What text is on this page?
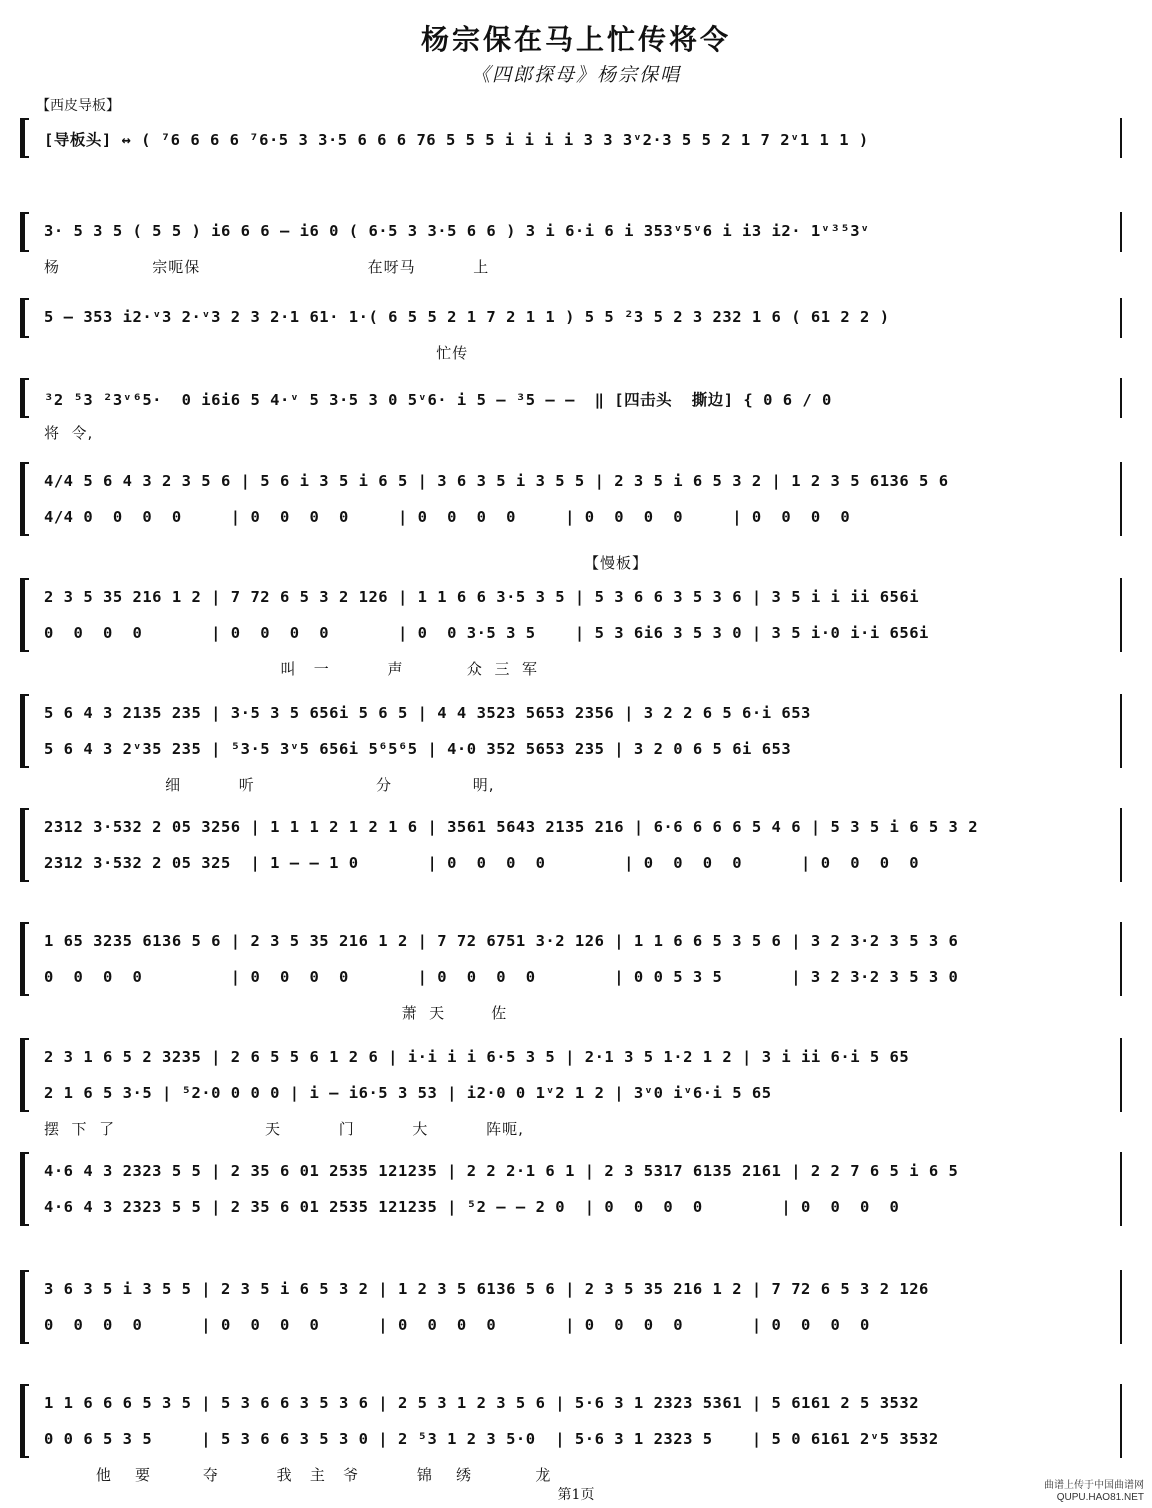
杨宗保在马上忙传将令
《四郎探母》杨宗保唱
【西皮导板】
[导板头] ↔ ( ⁷6 6 6 6 ⁷6·5 3 3·5 6 6 6 76 5 5 5 i i i i 3 3 3ᵛ2·3 5 5 2 1 7 2ᵛ1 1 1 )
3· 5 3 5 ( 5 5 ) i6 6 6 — i6 0 ( 6·5 3 3·5 6 6 ) 3 i 6·i 6 i 353ᵛ5ᵛ6 i i3 i2· 1ᵛ³⁵3ᵛ
杨                宗呃保                             在呀马          上
5 — 353 i2·ᵛ3 2·ᵛ3 2 3 2·1 61· 1·( 6 5 5 2 1 7 2 1 1 ) 5 5 ²3 5 2 3 232 1 6 ( 61 2 2 )
忙传
³2 ⁵3 ²3ᵛ⁶5·  0 i6i6 5 4·ᵛ 5 3·5 3 0 5ᵛ6· i 5 — ³5 — —  ‖ [四击头  撕边] { 0 6 / 0
将  令,
4/4 5 6 4 3 2 3 5 6 | 5 6 i 3 5 i 6 5 | 3 6 3 5 i 3 5 5 | 2 3 5 i 6 5 3 2 | 1 2 3 5 6136 5 6
4/4 0  0  0  0     | 0  0  0  0     | 0  0  0  0     | 0  0  0  0     | 0  0  0  0
【慢板】
2 3 5 35 216 1 2 | 7 72 6 5 3 2 126 | 1 1 6 6 3·5 3 5 | 5 3 6 6 3 5 3 6 | 3 5 i i ii 656i
0  0  0  0       | 0  0  0  0       | 0  0 3·5 3 5    | 5 3 6i6 3 5 3 0 | 3 5 i·0 i·i 656i
叫   一          声           众  三  军
5 6 4 3 2135 235 | 3·5 3 5 656i 5 6 5 | 4 4 3523 5653 2356 | 3 2 2 6 5 6·i 653
5 6 4 3 2ᵛ35 235 | ⁵3·5 3ᵛ5 656i 5⁶5⁶5 | 4·0 352 5653 235 | 3 2 0 6 5 6i 653
细          听                     分              明,
2312 3·532 2 05 3256 | 1 1 1 2 1 2 1 6 | 3561 5643 2135 216 | 6·6 6 6 6 5 4 6 | 5 3 5 i 6 5 3 2
2312 3·532 2 05 325  | 1 — — 1 0       | 0  0  0  0        | 0  0  0  0      | 0  0  0  0
1 65 3235 6136 5 6 | 2 3 5 35 216 1 2 | 7 72 6751 3·2 126 | 1 1 6 6 5 3 5 6 | 3 2 3·2 3 5 3 6
0  0  0  0         | 0  0  0  0       | 0  0  0  0        | 0 0 5 3 5       | 3 2 3·2 3 5 3 0
萧  天        佐
2 3 1 6 5 2 3235 | 2 6 5 5 6 1 2 6 | i·i i i 6·5 3 5 | 2·1 3 5 1·2 1 2 | 3 i ii 6·i 5 65
2 1 6 5 3·5 | ⁵2·0 0 0 0 | i — i6·5 3 53 | i2·0 0 1ᵛ2 1 2 | 3ᵛ0 iᵛ6·i 5 65
摆  下  了                          天          门          大          阵呃,
4·6 4 3 2323 5 5 | 2 35 6 01 2535 121235 | 2 2 2·1 6 1 | 2 3 5317 6135 2161 | 2 2 7 6 5 i 6 5
4·6 4 3 2323 5 5 | 2 35 6 01 2535 121235 | ⁵2 — — 2 0  | 0  0  0  0        | 0  0  0  0
3 6 3 5 i 3 5 5 | 2 3 5 i 6 5 3 2 | 1 2 3 5 6136 5 6 | 2 3 5 35 216 1 2 | 7 72 6 5 3 2 126
0  0  0  0      | 0  0  0  0      | 0  0  0  0       | 0  0  0  0       | 0  0  0  0
1 1 6 6 6 5 3 5 | 5 3 6 6 3 5 3 6 | 2 5 3 1 2 3 5 6 | 5·6 3 1 2323 5361 | 5 6161 2 5 3532
0 0 6 5 3 5     | 5 3 6 6 3 5 3 0 | 2 ⁵3 1 2 3 5·0  | 5·6 3 1 2323 5    | 5 0 6161 2ᵛ5 3532
他    要         夺          我   主   爷          锦    绣           龙
第1页
曲谱上传于中国曲谱网
QUPU.HAO81.NET
